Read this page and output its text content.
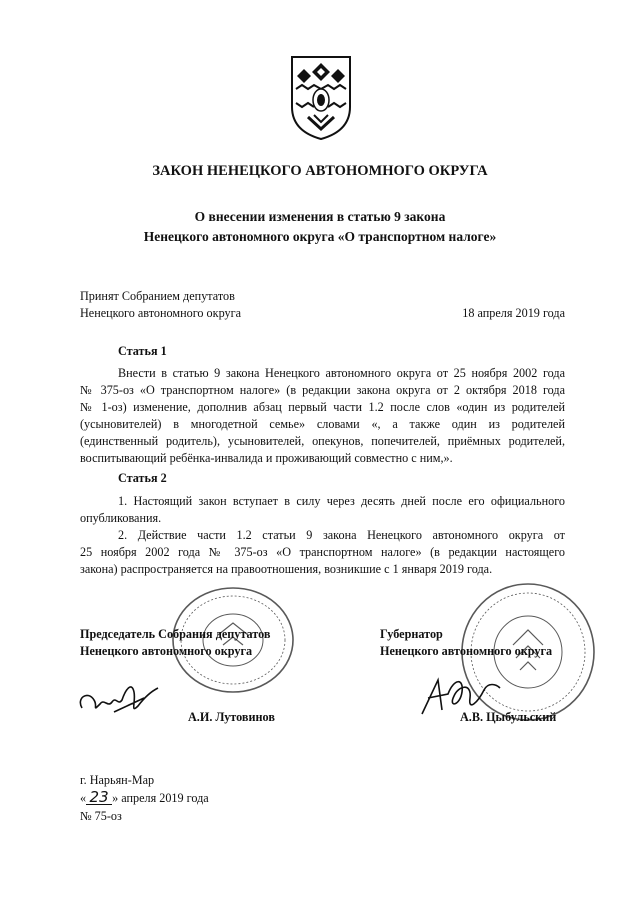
ЗАКОН НЕНЕЦКОГО АВТОНОМНОГО ОКРУГА
О внесении изменения в статью 9 закона
Ненецкого автономного округа «О транспортном налоге»
Принят Собранием депутатов
Ненецкого автономного округа	18 апреля 2019 года
Статья 1
Внести в статью 9 закона Ненецкого автономного округа от 25 ноября 2002 года
№ 375-оз «О транспортном налоге» (в редакции закона округа от 2 октября 2018 года
№ 1-оз) изменение, дополнив абзац первый части 1.2 после слов «один из родителей
(усыновителей) в многодетной семье» словами «, а также один из родителей
(единственный родитель), усыновителей, опекунов, попечителей, приёмных родителей,
воспитывающий ребёнка-инвалида и проживающий совместно с ним,».
Статья 2
1. Настоящий закон вступает в силу через десять дней после его официального
опубликования.
2. Действие части 1.2 статьи 9 закона Ненецкого автономного округа от
25 ноября 2002 года № 375-оз «О транспортном налоге» (в редакции настоящего
закона) распространяется на правоотношения, возникшие с 1 января 2019 года.
Председатель Собрания депутатов
Ненецкого автономного округа
Губернатор
Ненецкого автономного округа
А.И. Лутовинов	А.В. Цыбульский
г. Нарьян-Мар
« 23 » апреля 2019 года
№ 75-оз
